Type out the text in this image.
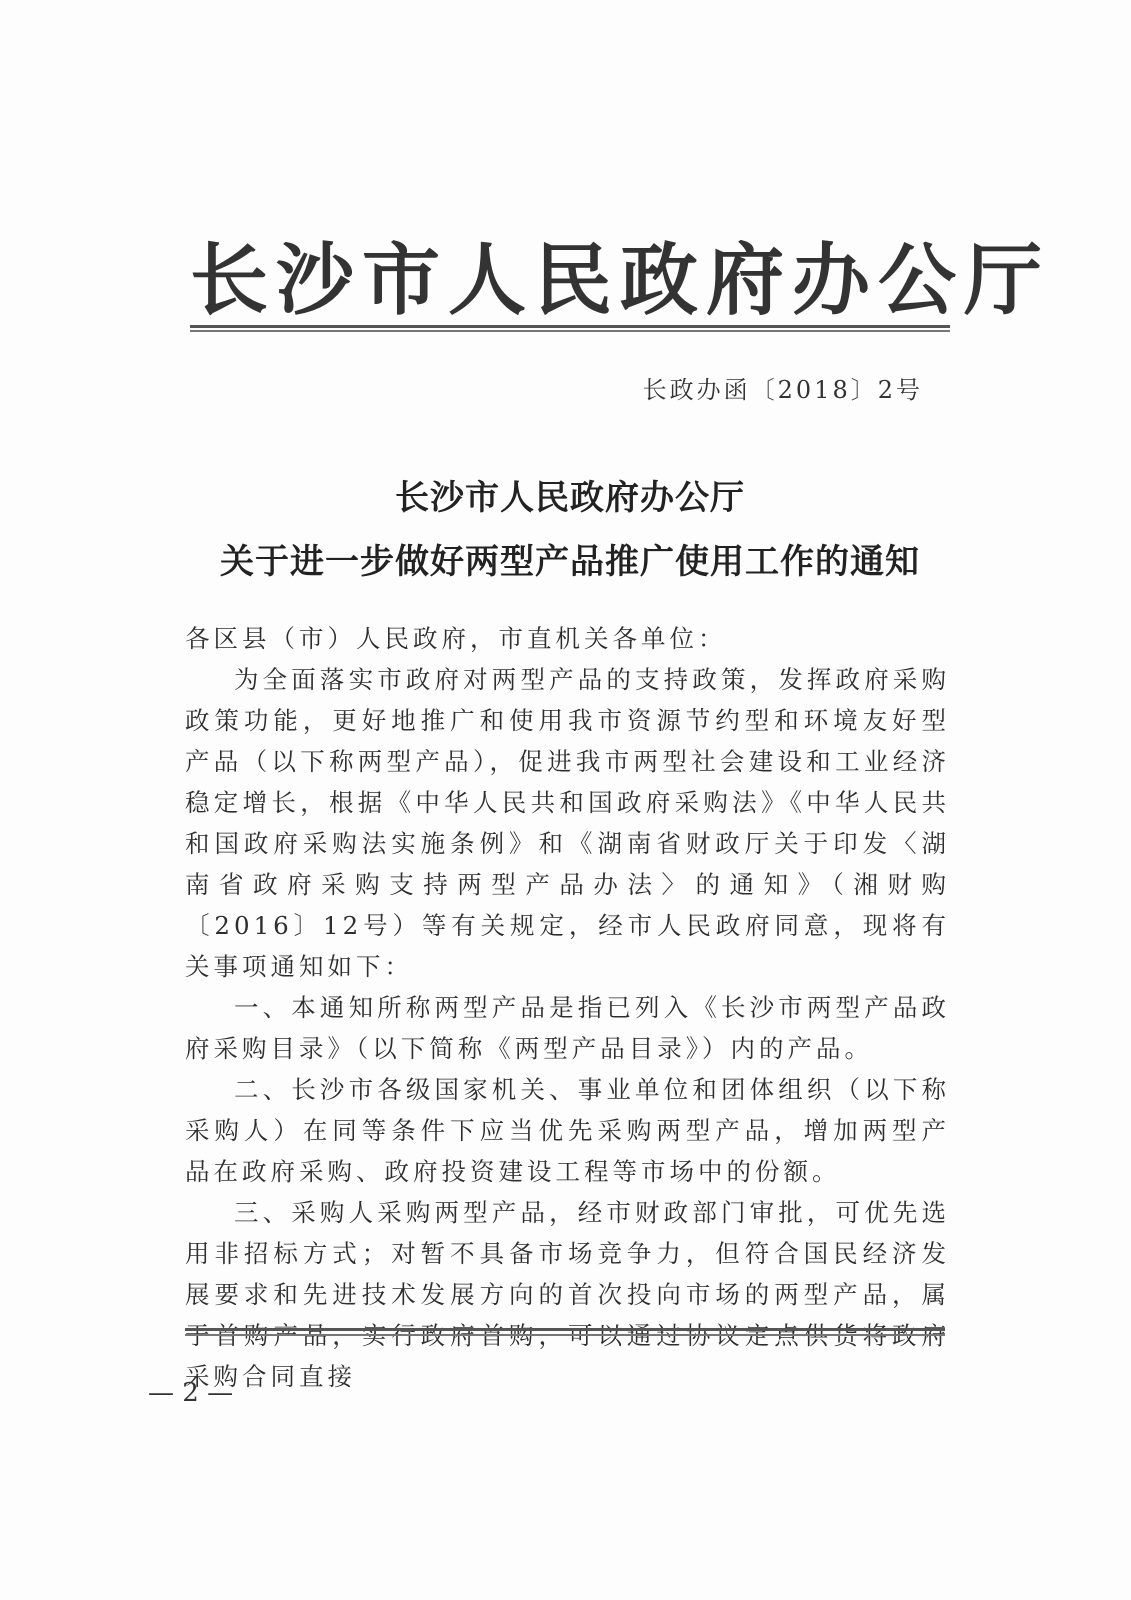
长沙市人民政府办公厅
长政办函〔2018〕2号
长沙市人民政府办公厅
关于进一步做好两型产品推广使用工作的通知

各区县（市）人民政府，市直机关各单位：

为全面落实市政府对两型产品的支持政策，发挥政府采购政策功能，更好地推广和使用我市资源节约型和环境友好型产品（以下称两型产品），促进我市两型社会建设和工业经济稳定增长，根据《中华人民共和国政府采购法》《中华人民共和国政府采购法实施条例》和《湖南省财政厅关于印发〈湖南省政府采购支持两型产品办法〉的通知》（湘财购〔2016〕12号）等有关规定，经市人民政府同意，现将有关事项通知如下：

一、本通知所称两型产品是指已列入《长沙市两型产品政府采购目录》（以下简称《两型产品目录》）内的产品。

二、长沙市各级国家机关、事业单位和团体组织（以下称采购人）在同等条件下应当优先采购两型产品，增加两型产品在政府采购、政府投资建设工程等市场中的份额。

三、采购人采购两型产品，经市财政部门审批，可优先选用非招标方式；对暂不具备市场竞争力，但符合国民经济发展要求和先进技术发展方向的首次投向市场的两型产品，属于首购产品，实行政府首购，可以通过协议定点供货将政府采购合同直接

— 2 —
